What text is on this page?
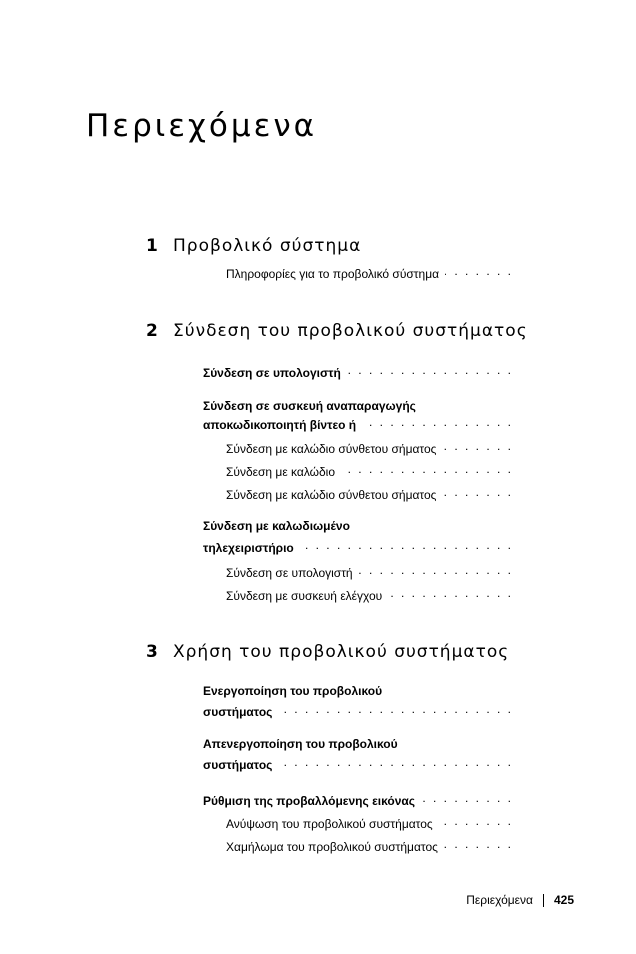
Περιεχόμενα
1 Προβολικό σύστημα
Πληροφορίες για το προβολικό σύστημα
. . .
2 Σύνδεση του προβολικού συστήματος
Σύνδεση σε υπολογιστή
. . .
Σύνδεση σε συσκευή αναπαραγωγής
αποκωδικοποιητή βίντεο ή
. . .
Σύνδεση με καλώδιο σύνθετου σήματος
. . .
Σύνδεση με καλώδιο
. . .
Σύνδεση με καλώδιο σύνθετου σήματος
. . .
Σύνδεση με καλωδιωμένο
τηλεχειριστήριο
. . .
Σύνδεση σε υπολογιστή
. . .
Σύνδεση με συσκευή ελέγχου
. . .
3 Χρήση του προβολικού συστήματος
Ενεργοποίηση του προβολικού
συστήματος
. . .
Απενεργοποίηση του προβολικού
συστήματος
. . .
Ρύθμιση της προβαλλόμενης εικόνας
. . .
Ανύψωση του προβολικού συστήματος
. . .
Χαμήλωμα του προβολικού συστήματος
. . .
Περιεχόμενα 425
